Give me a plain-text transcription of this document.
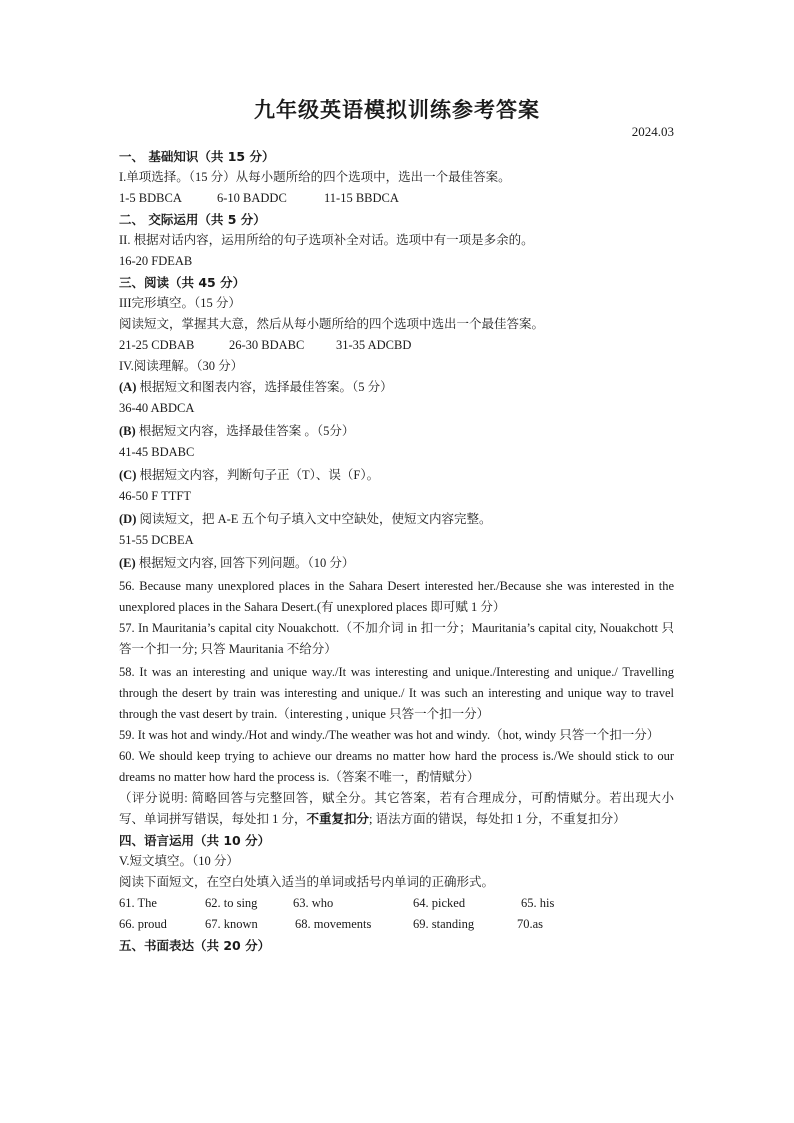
九年级英语模拟训练参考答案
2024.03
一、 基础知识（共 15 分）
I.单项选择。（15 分）从每小题所给的四个选项中，选出一个最佳答案。
1-5 BDBCA	6-10 BADDC	11-15 BBDCA
二、 交际运用（共 5 分）
II. 根据对话内容，运用所给的句子选项补全对话。选项中有一项是多余的。
16-20 FDEAB
三、阅读（共 45 分）
III完形填空。（15 分）
阅读短文，掌握其大意，然后从每小题所给的四个选项中选出一个最佳答案。
21-25 CDBAB	26-30 BDABC	31-35 ADCBD
IV.阅读理解。（30 分）
(A) 根据短文和图表内容，选择最佳答案。（5 分）
36-40 ABDCA
(B) 根据短文内容，选择最佳答案 。（5分）
41-45 BDABC
(C) 根据短文内容，判断句子正（T）、误（F）。
46-50 F TTFT
(D) 阅读短文，把 A-E 五个句子填入文中空缺处，使短文内容完整。
51-55 DCBEA
(E) 根据短文内容, 回答下列问题。（10 分）
56. Because many unexplored places in the Sahara Desert interested her./Because she was interested in the unexplored places in the Sahara Desert.(有 unexplored places 即可赋 1 分）
57. In Mauritania’s capital city Nouakchott.（不加介词 in 扣一分；Mauritania’s capital city, Nouakchott 只答一个扣一分; 只答 Mauritania 不给分）
58. It was an interesting and unique way./It was interesting and unique./Interesting and unique./ Travelling through the desert by train was interesting and unique./ It was such an interesting and unique way to travel through the vast desert by train.（interesting , unique 只答一个扣一分）
59. It was hot and windy./Hot and windy./The weather was hot and windy.（hot, windy 只答一个扣一分）
60. We should keep trying to achieve our dreams no matter how hard the process is./We should stick to our dreams no matter how hard the process is.（答案不唯一，酌情赋分）
（评分说明: 简略回答与完整回答，赋全分。其它答案，若有合理成分，可酌情赋分。若出现大小写、单词拼写错误，每处扣 1 分，不重复扣分; 语法方面的错误，每处扣 1 分，不重复扣分）
四、语言运用（共 10 分）
V.短文填空。（10 分）
阅读下面短文，在空白处填入适当的单词或括号内单词的正确形式。
61. The	62. to sing	63. who	64. picked	65. his
66. proud	67. known	68. movements	69. standing	70.as
五、书面表达（共 20 分）
